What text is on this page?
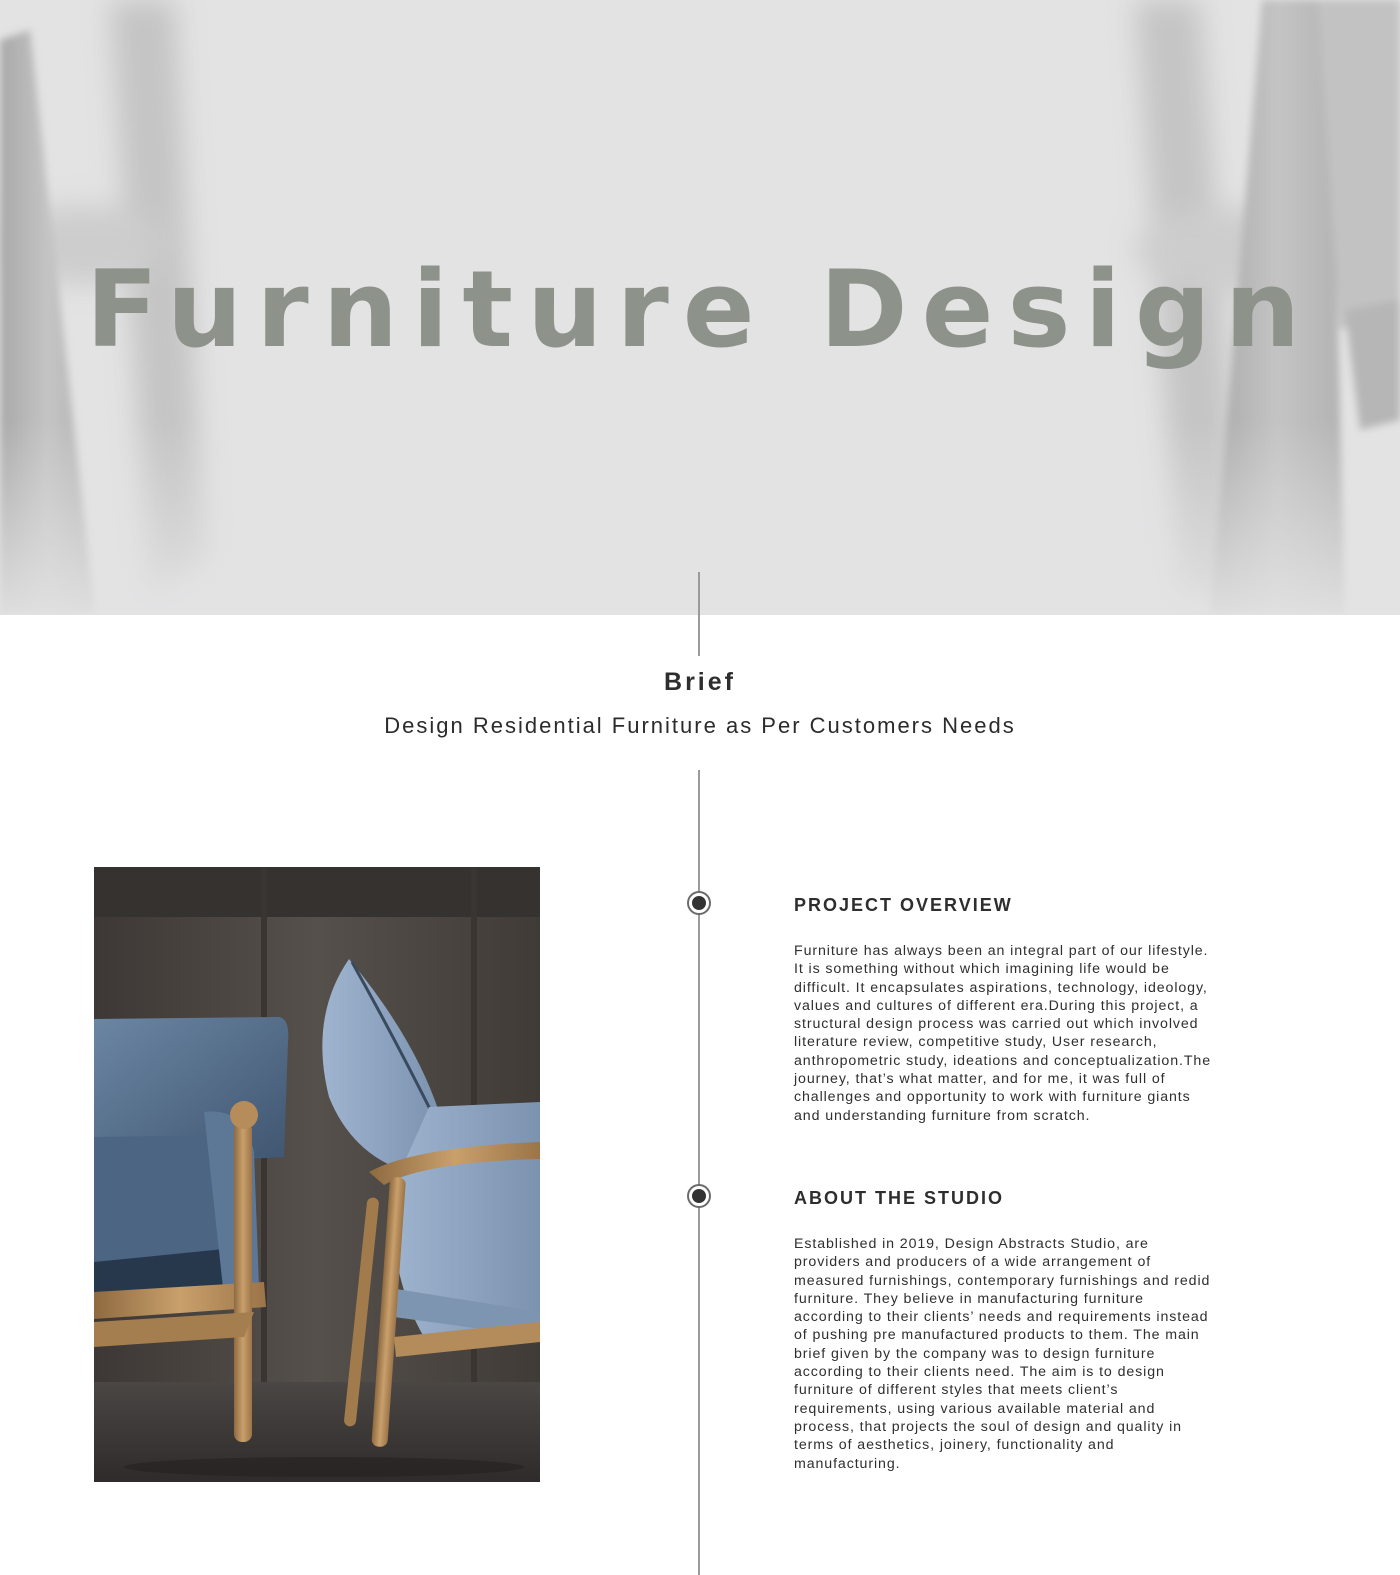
Furniture Design
Brief

Design Residential Furniture as Per Customers Needs

PROJECT OVERVIEW

Furniture has always been an integral part of our lifestyle.
It is something without which imagining life would be
difficult. It encapsulates aspirations, technology, ideology,
values and cultures of different era.During this project, a
structural design process was carried out which involved
literature review, competitive study, User research,
anthropometric study, ideations and conceptualization.The
journey, that’s what matter, and for me, it was full of
challenges and opportunity to work with furniture giants
and understanding furniture from scratch.

ABOUT THE STUDIO

Established in 2019, Design Abstracts Studio, are
providers and producers of a wide arrangement of
measured furnishings, contemporary furnishings and redid
furniture. They believe in manufacturing furniture
according to their clients’ needs and requirements instead
of pushing pre manufactured products to them. The main
brief given by the company was to design furniture
according to their clients need. The aim is to design
furniture of different styles that meets client’s
requirements, using various available material and
process, that projects the soul of design and quality in
terms of aesthetics, joinery, functionality and
manufacturing.
